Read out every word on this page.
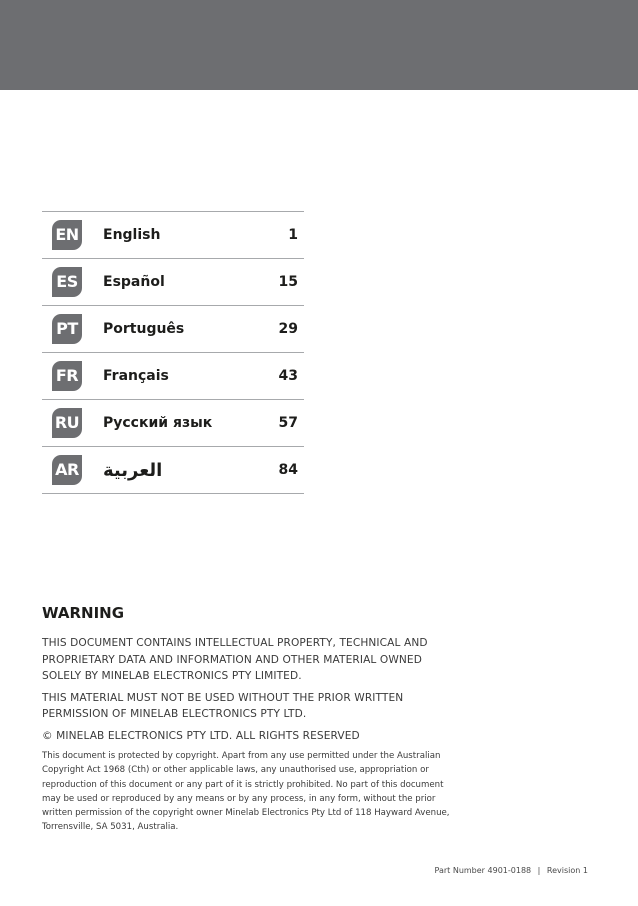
EN English	1
ES	Español	15
PT Português	29
FR Français	43
RU Русский язык	57
AR العربية	84

WARNING

THIS DOCUMENT CONTAINS INTELLECTUAL PROPERTY, TECHNICAL AND PROPRIETARY DATA AND INFORMATION AND OTHER MATERIAL OWNED SOLELY BY MINELAB ELECTRONICS PTY LIMITED.

THIS MATERIAL MUST NOT BE USED WITHOUT THE PRIOR WRITTEN PERMISSION OF MINELAB ELECTRONICS PTY LTD.

© MINELAB ELECTRONICS PTY LTD. ALL RIGHTS RESERVED

This document is protected by copyright. Apart from any use permitted under the Australian Copyright Act 1968 (Cth) or other applicable laws, any unauthorised use, appropriation or reproduction of this document or any part of it is strictly prohibited. No part of this document may be used or reproduced by any means or by any process, in any form, without the prior written permission of the copyright owner Minelab Electronics Pty Ltd of 118 Hayward Avenue, Torrensville, SA 5031, Australia.

Part Number 4901-0188 | Revision 1
